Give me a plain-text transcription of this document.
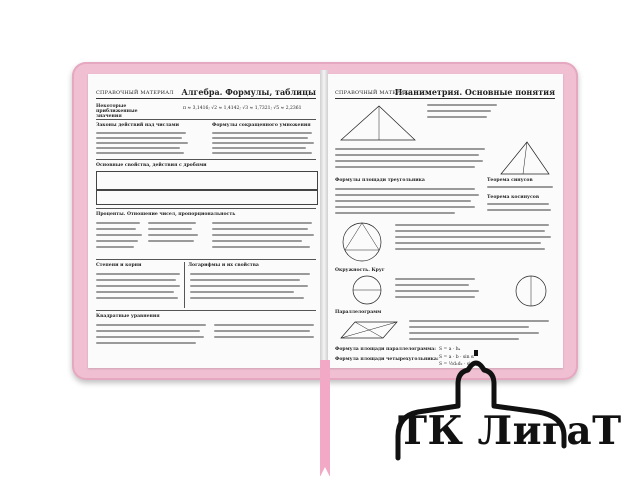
СПРАВОЧНЫЙ МАТЕРИАЛ Алгебра. Формулы, таблицы
Некоторые приближенные значения
π ≈ 3,1416; √2 ≈ 1,4142; √3 ≈ 1,7321; √5 ≈ 2,2361
Законы действий над числами	Формулы сокращенного умножения
Основные свойства, действия с дробями
Проценты. Отношение чисел, пропорциональность
Степени и корни	Логарифмы и их свойства
Квадратные уравнения
СПРАВОЧНЫЙ МАТЕРИАЛ
Планиметрия. Основные понятия
Формулы площади треугольника	Теорема синусов
Теорема косинусов
Окружность. Круг
Параллелограмм
Формула площади параллелограмма: S = a · hₐ
Формула площади четырехугольника: S = a · b · sin α
S = ½d₁d₂ · sin φ
ТК ЛигаТ
